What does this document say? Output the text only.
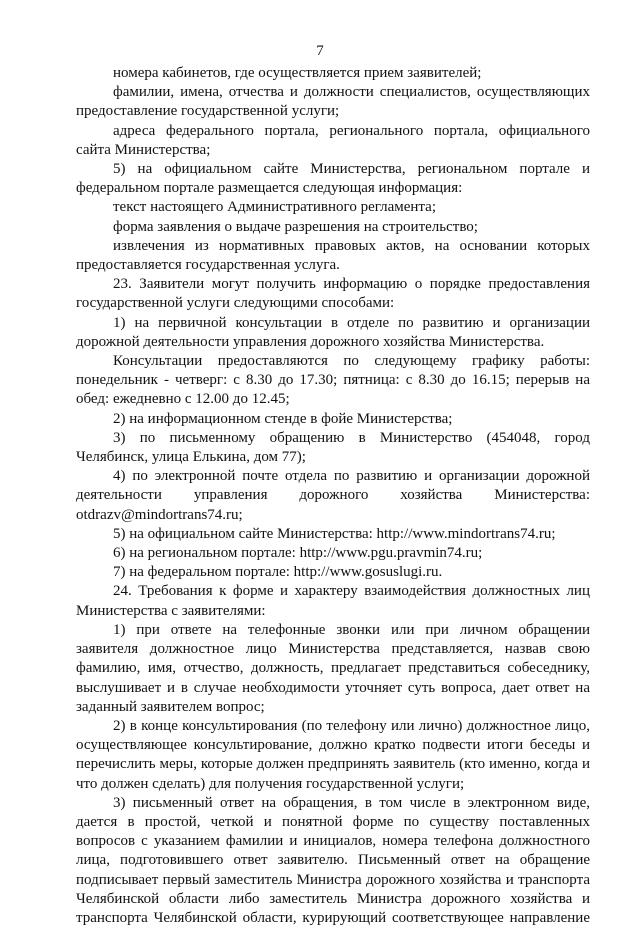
7

номера кабинетов, где осуществляется прием заявителей;

фамилии, имена, отчества и должности специалистов, осуществляющих предоставление государственной услуги;

адреса федерального портала, регионального портала, официального сайта Министерства;

5) на официальном сайте Министерства, региональном портале и федеральном портале размещается следующая информация:

текст настоящего Административного регламента;

форма заявления о выдаче разрешения на строительство;

извлечения из нормативных правовых актов, на основании которых предоставляется государственная услуга.

23. Заявители могут получить информацию о порядке предоставления государственной услуги следующими способами:

1) на первичной консультации в отделе по развитию и организации дорожной деятельности управления дорожного хозяйства Министерства.

Консультации предоставляются по следующему графику работы: понедельник - четверг: с 8.30 до 17.30; пятница: с 8.30 до 16.15; перерыв на обед: ежедневно с 12.00 до 12.45;

2) на информационном стенде в фойе Министерства;

3) по письменному обращению в Министерство (454048, город Челябинск, улица Елькина, дом 77);

4) по электронной почте отдела по развитию и организации дорожной деятельности управления дорожного хозяйства Министерства: otdrazv@mindortrans74.ru;

5) на официальном сайте Министерства: http://www.mindortrans74.ru;

6) на региональном портале: http://www.pgu.pravmin74.ru;

7) на федеральном портале: http://www.gosuslugi.ru.

24. Требования к форме и характеру взаимодействия должностных лиц Министерства с заявителями:

1) при ответе на телефонные звонки или при личном обращении заявителя должностное лицо Министерства представляется, назвав свою фамилию, имя, отчество, должность, предлагает представиться собеседнику, выслушивает и в случае необходимости уточняет суть вопроса, дает ответ на заданный заявителем вопрос;

2) в конце консультирования (по телефону или лично) должностное лицо, осуществляющее консультирование, должно кратко подвести итоги беседы и перечислить меры, которые должен предпринять заявитель (кто именно, когда и что должен сделать) для получения государственной услуги;

3) письменный ответ на обращения, в том числе в электронном виде, дается в простой, четкой и понятной форме по существу поставленных вопросов с указанием фамилии и инициалов, номера телефона должностного лица, подготовившего ответ заявителю. Письменный ответ на обращение подписывает первый заместитель Министра дорожного хозяйства и транспорта Челябинской области либо заместитель Министра дорожного хозяйства и транспорта Челябинской области, курирующий соответствующее направление
